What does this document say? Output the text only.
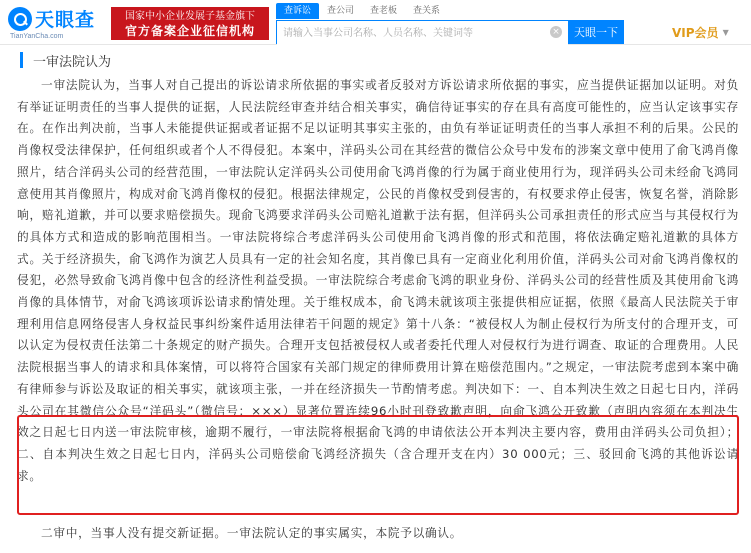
天眼查
TianYanCha.com
国家中小企业发展子基金旗下
官方备案企业征信机构
查诉讼	查公司	查老板	查关系
请输入当事公司名称、人员名称、关键词等
×	天眼一下	VIP会员 ▼
一审法院认为

一审法院认为，当事人对自己提出的诉讼请求所依据的事实或者反驳对方诉讼请求所依据的事实，应当提供证据加以证明。对负有举证证明责任的当事人提供的证据，人民法院经审查并结合相关事实，确信待证事实的存在具有高度可能性的，应当认定该事实存在。在作出判决前，当事人未能提供证据或者证据不足以证明其事实主张的，由负有举证证明责任的当事人承担不利的后果。公民的肖像权受法律保护，任何组织或者个人不得侵犯。本案中，洋码头公司在其经营的微信公众号中发布的涉案文章中使用了俞飞鸿肖像照片，结合洋码头公司的经营范围，一审法院认定洋码头公司使用俞飞鸿肖像的行为属于商业使用行为，现洋码头公司未经俞飞鸿同意使用其肖像照片，构成对俞飞鸿肖像权的侵犯。根据法律规定，公民的肖像权受到侵害的，有权要求停止侵害，恢复名誉，消除影响，赔礼道歉，并可以要求赔偿损失。现俞飞鸿要求洋码头公司赔礼道歉于法有据，但洋码头公司承担责任的形式应当与其侵权行为的具体方式和造成的影响范围相当。一审法院将综合考虑洋码头公司使用俞飞鸿肖像的形式和范围，将依法确定赔礼道歉的具体方式。关于经济损失，俞飞鸿作为演艺人员具有一定的社会知名度，其肖像已具有一定商业化利用价值，洋码头公司对俞飞鸿肖像权的侵犯，必然导致俞飞鸿肖像中包含的经济性利益受损。一审法院综合考虑俞飞鸿的职业身份、洋码头公司的经营性质及其使用俞飞鸿肖像的具体情节，对俞飞鸿该项诉讼请求酌情处理。关于维权成本，俞飞鸿未就该项主张提供相应证据，依照《最高人民法院关于审理利用信息网络侵害人身权益民事纠纷案件适用法律若干问题的规定》第十八条：“被侵权人为制止侵权行为所支付的合理开支，可以认定为侵权责任法第二十条规定的财产损失。合理开支包括被侵权人或者委托代理人对侵权行为进行调查、取证的合理费用。人民法院根据当事人的请求和具体案情，可以将符合国家有关部门规定的律师费用计算在赔偿范围内。”之规定，一审法院考虑到本案中确有律师参与诉讼及取证的相关事实，就该项主张，一并在经济损失一节酌情考虑。判决如下：一、自本判决生效之日起七日内，洋码头公司在其微信公众号“洋码头”（微信号：×××）显著位置连续96小时刊登致歉声明，向俞飞鸿公开致歉（声明内容须在本判决生效之日起七日内送一审法院审核，逾期不履行，一审法院将根据俞飞鸿的申请依法公开本判决主要内容，费用由洋码头公司负担）；二、自本判决生效之日起七日内，洋码头公司赔偿俞飞鸿经济损失（含合理开支在内）30 000元；三、驳回俞飞鸿的其他诉讼请求。

二审中，当事人没有提交新证据。一审法院认定的事实属实，本院予以确认。
